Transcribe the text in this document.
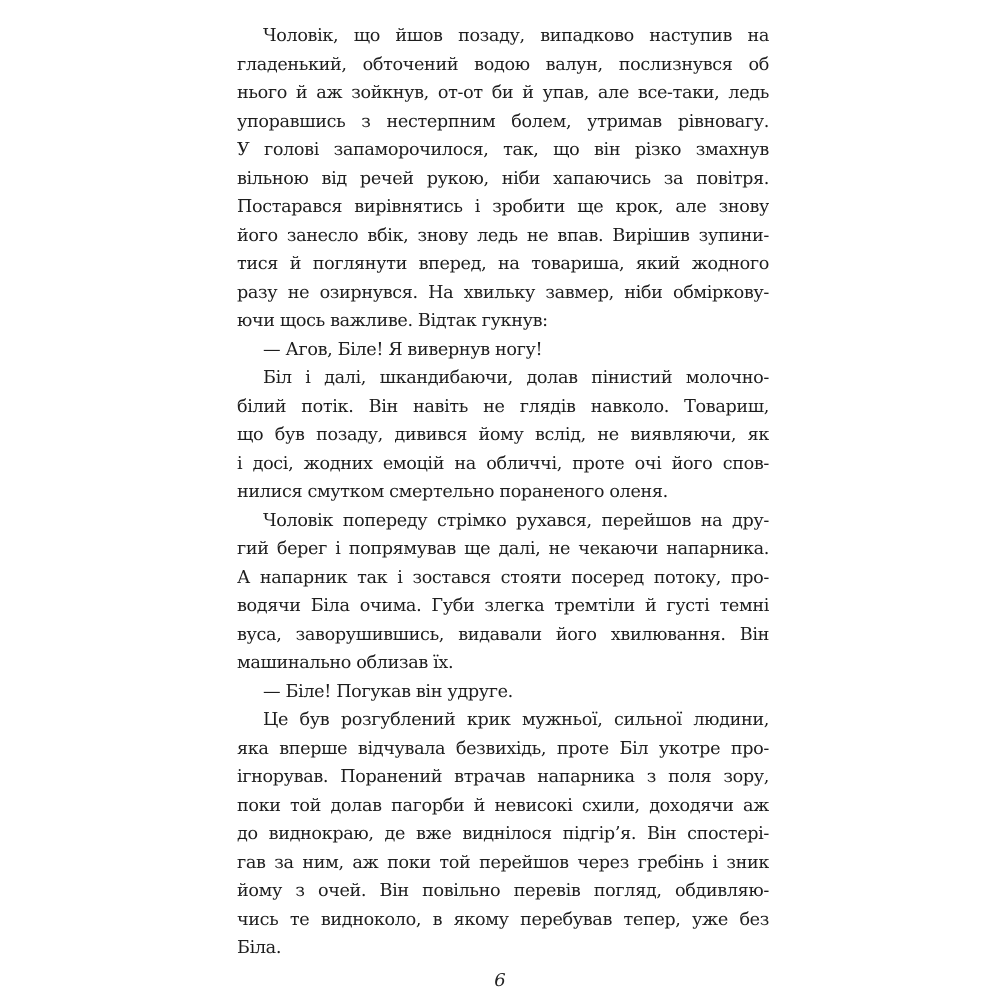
Чоловік, що йшов позаду, випадково наступив на
гладенький, обточений водою валун, послизнувся об
нього й аж зойкнув, от-от би й упав, але все-таки, ледь
упоравшись з нестерпним болем, утримав рівновагу.
У голові запаморочилося, так, що він різко змахнув
вільною від речей рукою, ніби хапаючись за повітря.
Постарався вирівнятись і зробити ще крок, але знову
його занесло вбік, знову ледь не впав. Вирішив зупини-
тися й поглянути вперед, на товариша, який жодного
разу не озирнувся. На хвильку завмер, ніби обміркову-
ючи щось важливе. Відтак гукнув:
— Агов, Біле! Я вивернув ногу!
Біл і далі, шкандибаючи, долав пінистий молочно-
білий потік. Він навіть не глядів навколо. Товариш,
що був позаду, дивився йому вслід, не виявляючи, як
і досі, жодних емоцій на обличчі, проте очі його спов-
нилися смутком смертельно пораненого оленя.
Чоловік попереду стрімко рухався, перейшов на дру-
гий берег і попрямував ще далі, не чекаючи напарника.
А напарник так і зостався стояти посеред потоку, про-
водячи Біла очима. Губи злегка тремтіли й густі темні
вуса, заворушившись, видавали його хвилювання. Він
машинально облизав їх.
— Біле! Погукав він удруге.
Це був розгублений крик мужньої, сильної людини,
яка вперше відчувала безвихідь, проте Біл укотре про-
ігнорував. Поранений втрачав напарника з поля зору,
поки той долав пагорби й невисокі схили, доходячи аж
до виднокраю, де вже виднілося підгір’я. Він спостері-
гав за ним, аж поки той перейшов через гребінь і зник
йому з очей. Він повільно перевів погляд, обдивляю-
чись те видноколо, в якому перебував тепер, уже без
Біла.
6
